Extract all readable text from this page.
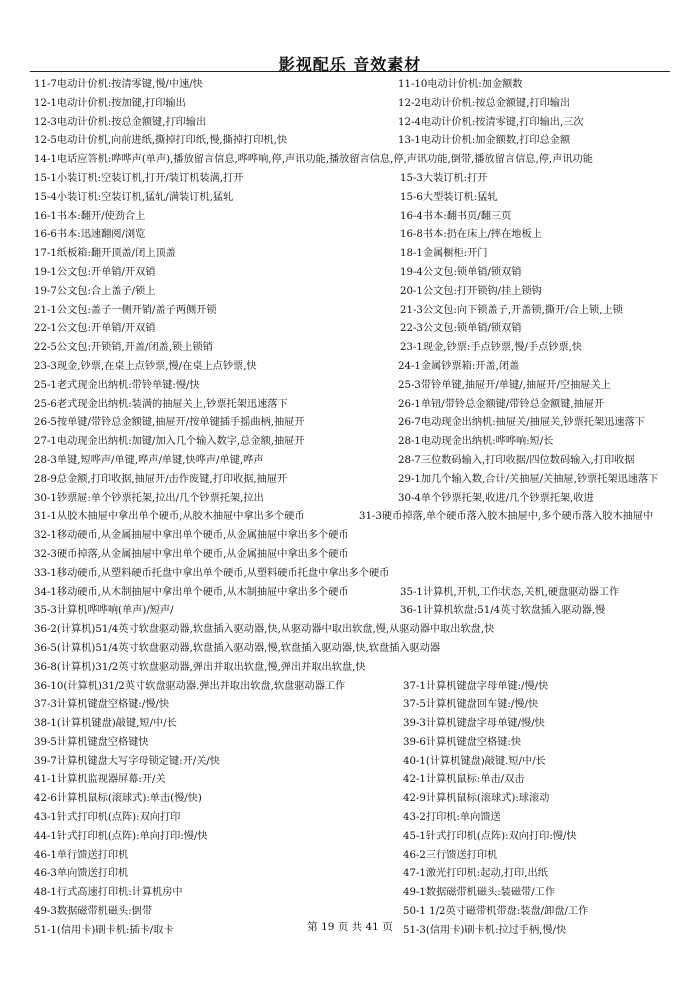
影视配乐 音效素材
11-7电动计价机:按清零键,慢/中速/快	11-10电动计价机:加金额数
12-1电动计价机:按加键,打印输出	12-2电动计价机:按总金额键,打印输出
12-3电动计价机:按总金额键,打印输出	12-4电动计价机:按清零键,打印输出,三次
12-5电动计价机,向前进纸,撕掉打印纸,慢,撕掉打印机,快	13-1电动计价机:加金额数,打印总金额
14-1电话应答机:哗哗声(单声),播放留言信息,哗哗响,停,声讯功能,播放留言信息,停,声讯功能,倒带,播放留言信息,停,声讯功能
15-1小装订机:空装订机,打开/装订机装满,打开	15-3大装订机:打开
15-4小装订机:空装订机,猛轧/满装订机,猛轧	15-6大型装订机:猛轧
16-1书本:翻开/使劲合上	16-4书本:翻书页/翻三页
16-6书本:迅速翻阅/浏览	16-8书本:扔在床上/摔在地板上
17-1纸板箱:翻开顶盖/闭上顶盖	18-1金属橱柜:开门
19-1公文包:开单销/开双销	19-4公文包:锁单销/锁双销
19-7公文包:合上盖子/锁上	20-1公文包:打开锁钩/挂上锁钩
21-1公文包:盖子一侧开销/盖子两侧开锁	21-3公文包:向下锁盖子,开盖锁,撕开/合上锁,上锁
22-1公文包:开单销/开双销	22-3公文包:锁单销/锁双销
22-5公文包:开锁销,开盖/闭盖,锁上锁销	23-1现金,钞票:手点钞票,慢/手点钞票,快
23-3现金,钞票,在桌上点钞票,慢/在桌上点钞票,快	24-1金属钞票箱:开盖,闭盖
25-1老式现金出纳机:带铃单键:慢/快	25-3带铃单键,抽屉开/单键/,抽屉开/空抽屉关上
25-6老式现金出纳机:装满的抽屉关上,钞票托架迅速落下	26-1单钮/带铃总金额键/带铃总金额键,抽屉开
26-5按单键/带铃总金额键,抽屉开/按单键插手摇曲柄,抽屉开	26-7电动现金出纳机:抽屉关/抽屉关,钞票托架迅速落下
27-1电动现金出纳机:加键/加入几个输入数字,总金额,抽屉开	28-1电动现金出纳机:哗哗响:短/长
28-3单键,短哗声/单键,哗声/单键,快哗声/单键,哗声	28-7三位数码输入,打印收据/四位数码输入,打印收据
28-9总金额,打印收据,抽屉开/击作废键,打印收据,抽屉开	29-1加几个输入数,合计/关抽屉/关抽屉,钞票托架迅速落下
30-1钞票屉:单个钞票托架,拉出/几个钞票托架,拉出	30-4单个钞票托架,收进/几个钞票托架,收进
31-1从胶木抽屉中拿出单个硬币,从胶木抽屉中拿出多个硬币	31-3硬币掉落,单个硬币落入胶木抽屉中,多个硬币落入胶木抽屉中
32-1移动硬币,从金属抽屉中拿出单个硬币,从金属抽屉中拿出多个硬币
32-3硬币掉落,从金属抽屉中拿出单个硬币,从金属抽屉中拿出多个硬币
33-1移动硬币,从塑料硬币托盘中拿出单个硬币,从塑料硬币托盘中拿出多个硬币
34-1移动硬币,从木制抽屉中拿出单个硬币,从木制抽屉中拿出多个硬币	35-1计算机,开机,工作状态,关机,硬盘驱动器工作
35-3计算机哗哗响(单声)/短声/	36-1计算机软盘:51/4英寸软盘插入驱动器,慢
36-2(计算机)51/4英寸软盘驱动器,软盘插入驱动器,快,从驱动器中取出软盘,慢,从驱动器中取出软盘,快
36-5(计算机)51/4英寸软盘驱动器,软盘插入驱动器,慢,软盘插入驱动器,快,软盘插入驱动器
36-8(计算机)31/2英寸软盘驱动器,弹出并取出软盘,慢,弹出并取出软盘,快
36-10(计算机)31/2英寸软盘驱动器.弹出并取出软盘,软盘驱动器工作	37-1计算机键盘字母单键:/慢/快
37-3计算机键盘空格键:/慢/快	37-5计算机键盘回车键:/慢/快
38-1(计算机键盘)敲键,短/中/长	39-3计算机键盘字母单键/慢/快
39-5计算机键盘空格键快	39-6计算机键盘空格键:快
39-7计算机键盘大写字母锁定键:开/关/快	40-1(计算机键盘)敲键.短/中/长
41-1计算机监视器屏幕:开/关	42-1计算机鼠标:单击/双击
42-6计算机鼠标(滚球式):单击(慢/快)	42-9计算机鼠标(滚球式):球滚动
43-1针式打印机(点阵):双向打印	43-2打印机:单向馈送
44-1针式打印机(点阵):单向打印:慢/快	45-1针式打印机(点阵):双向打印:慢/快
46-1单行馈送打印机	46-2三行馈送打印机
46-3单向馈送打印机	47-1激光打印机:起动,打印,出纸
48-1行式高速打印机:计算机房中	49-1数据磁带机磁头:装磁带/工作
49-3数据磁带机磁头:倒带	50-1 1/2英寸磁带机带盘:装盘/卸盘/工作
51-1(信用卡)刷卡机:插卡/取卡	51-3(信用卡)刷卡机:拉过手柄,慢/快
第 19 页 共 41 页
